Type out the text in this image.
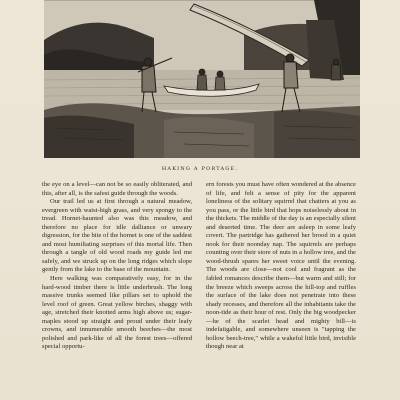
HAKING A PORTAGE.

the eye on a level—can not be so easily obliterated, and this, after all, is the safest guide through the woods.

Our trail led us at first through a natural meadow, evergreen with waist-high grass, and very spongy to the tread. Hornet-haunted also was this meadow, and therefore no place for idle dalliance or unwary digression, for the bite of the hornet is one of the saddest and most humiliating surprises of this mortal life. Then through a tangle of old wood roads my guide led me safely, and we struck up on the long ridges which slope gently from the lake to the base of the mountain.

Here walking was comparatively easy, for in the hard-wood timber there is little underbrush. The long massive trunks seemed like pillars set to uphold the level roof of green. Great yellow birches, shaggy with age, stretched their knotted arms high above us; sugar-maples stood up straight and proud under their leafy crowns, and innumerable smooth beeches—the most polished and park-like of all the forest trees—offered special opportu-

ern forests you must have often wondered at the absence of life, and felt a sense of pity for the apparent loneliness of the solitary squirrel that chatters at you as you pass, or the little bird that hops noiselessly about in the thickets. The middle of the day is an especially silent and deserted time. The deer are asleep in some leafy covert. The partridge has gathered her brood in a quiet nook for their noonday nap. The squirrels are perhaps counting over their store of nuts in a hollow tree, and the wood-thrush spares her sweet voice until the evening. The woods are close—not cool and fragrant as the fabled romances describe them—but warm and still; for the breeze which sweeps across the hill-top and ruffles the surface of the lake does not penetrate into these shady recesses, and therefore all the inhabitants take the noon-tide as their hour of rest. Only the big woodpecker—he of the scarlet head and mighty bill—is indefatigable, and somewhere unseen is "tapping the hollow beech-tree," while a wakeful little bird, invisible though near at
